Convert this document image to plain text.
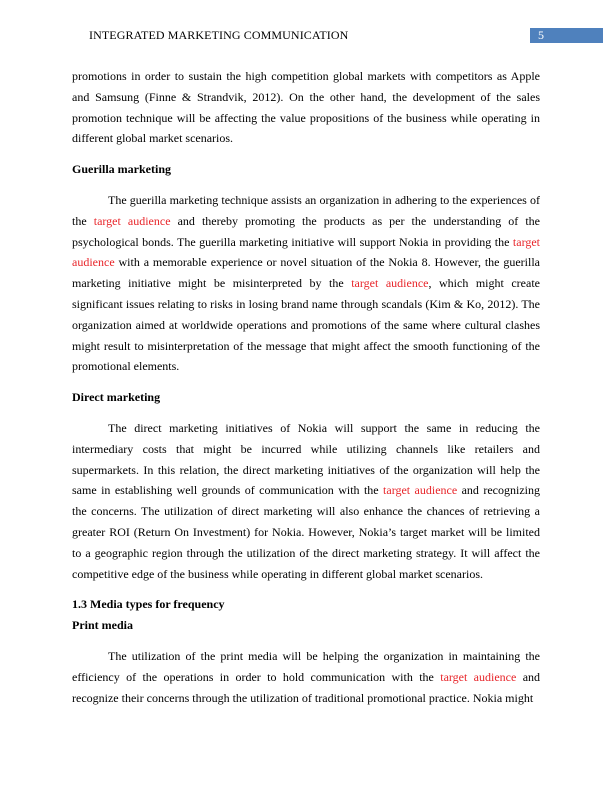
INTEGRATED MARKETING COMMUNICATION	5

promotions in order to sustain the high competition global markets with competitors as Apple and Samsung (Finne & Strandvik, 2012). On the other hand, the development of the sales promotion technique will be affecting the value propositions of the business while operating in different global market scenarios.

Guerilla marketing

The guerilla marketing technique assists an organization in adhering to the experiences of the target audience and thereby promoting the products as per the understanding of the psychological bonds. The guerilla marketing initiative will support Nokia in providing the target audience with a memorable experience or novel situation of the Nokia 8. However, the guerilla marketing initiative might be misinterpreted by the target audience, which might create significant issues relating to risks in losing brand name through scandals (Kim & Ko, 2012). The organization aimed at worldwide operations and promotions of the same where cultural clashes might result to misinterpretation of the message that might affect the smooth functioning of the promotional elements.

Direct marketing

The direct marketing initiatives of Nokia will support the same in reducing the intermediary costs that might be incurred while utilizing channels like retailers and supermarkets. In this relation, the direct marketing initiatives of the organization will help the same in establishing well grounds of communication with the target audience and recognizing the concerns. The utilization of direct marketing will also enhance the chances of retrieving a greater ROI (Return On Investment) for Nokia. However, Nokia’s target market will be limited to a geographic region through the utilization of the direct marketing strategy. It will affect the competitive edge of the business while operating in different global market scenarios.

1.3 Media types for frequency
Print media

The utilization of the print media will be helping the organization in maintaining the efficiency of the operations in order to hold communication with the target audience and recognize their concerns through the utilization of traditional promotional practice. Nokia might
